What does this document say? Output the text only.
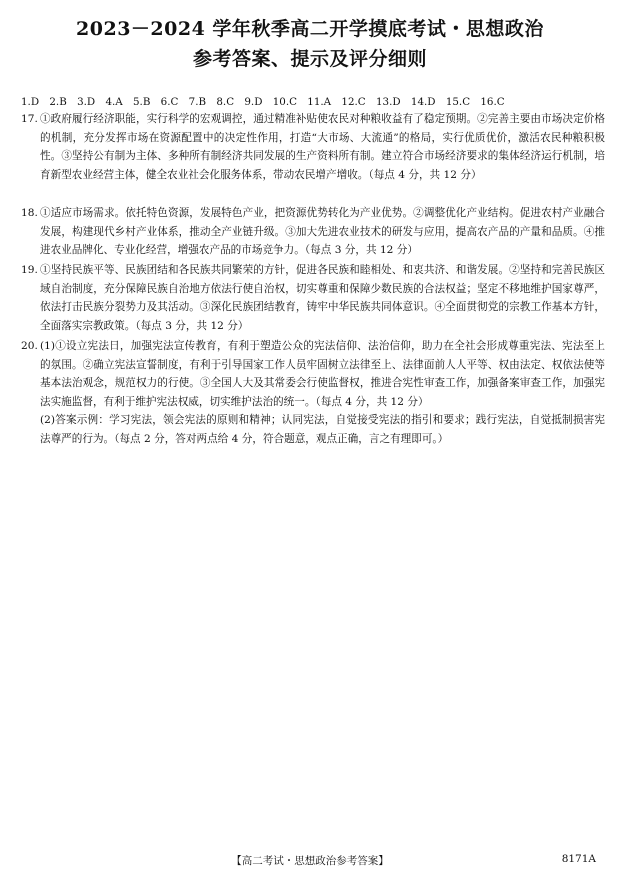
2023－2024 学年秋季高二开学摸底考试・思想政治
参考答案、提示及评分细则
1.D　2.B　3.D　4.A　5.B　6.C　7.B　8.C　9.D　10.C　11.A　12.C　13.D　14.D　15.C　16.C
17. ①政府履行经济职能，实行科学的宏观调控，通过精准补贴使农民对种粮收益有了稳定预期。②完善主要由市场决定价格的机制，充分发挥市场在资源配置中的决定性作用，打造“大市场、大流通”的格局，实行优质优价，激活农民种粮积极性。③坚持公有制为主体、多种所有制经济共同发展的生产资料所有制。建立符合市场经济要求的集体经济运行机制，培育新型农业经营主体，健全农业社会化服务体系，带动农民增产增收。（每点 4 分，共 12 分）
18. ①适应市场需求。依托特色资源，发展特色产业，把资源优势转化为产业优势。②调整优化产业结构。促进农村产业融合发展，构建现代乡村产业体系，推动全产业链升级。③加大先进农业技术的研发与应用，提高农产品的产量和品质。④推进农业品牌化、专业化经营，增强农产品的市场竞争力。（每点 3 分，共 12 分）
19. ①坚持民族平等、民族团结和各民族共同繁荣的方针，促进各民族和睦相处、和衷共济、和谐发展。②坚持和完善民族区域自治制度，充分保障民族自治地方依法行使自治权，切实尊重和保障少数民族的合法权益；坚定不移地维护国家尊严，依法打击民族分裂势力及其活动。③深化民族团结教育，铸牢中华民族共同体意识。④全面贯彻党的宗教工作基本方针，全面落实宗教政策。（每点 3 分，共 12 分）
20. (1)①设立宪法日，加强宪法宣传教育，有利于塑造公众的宪法信仰、法治信仰，助力在全社会形成尊重宪法、宪法至上的氛围。②确立宪法宣誓制度，有利于引导国家工作人员牢固树立法律至上、法律面前人人平等、权由法定、权依法使等基本法治观念，规范权力的行使。③全国人大及其常委会行使监督权，推进合宪性审查工作，加强备案审查工作，加强宪法实施监督，有利于维护宪法权威，切实维护法治的统一。（每点 4 分，共 12 分）
(2)答案示例：学习宪法，领会宪法的原则和精神；认同宪法，自觉接受宪法的指引和要求；践行宪法，自觉抵制损害宪法尊严的行为。（每点 2 分，答对两点给 4 分，符合题意，观点正确，言之有理即可。）
【高二考试・思想政治参考答案】	8171A
